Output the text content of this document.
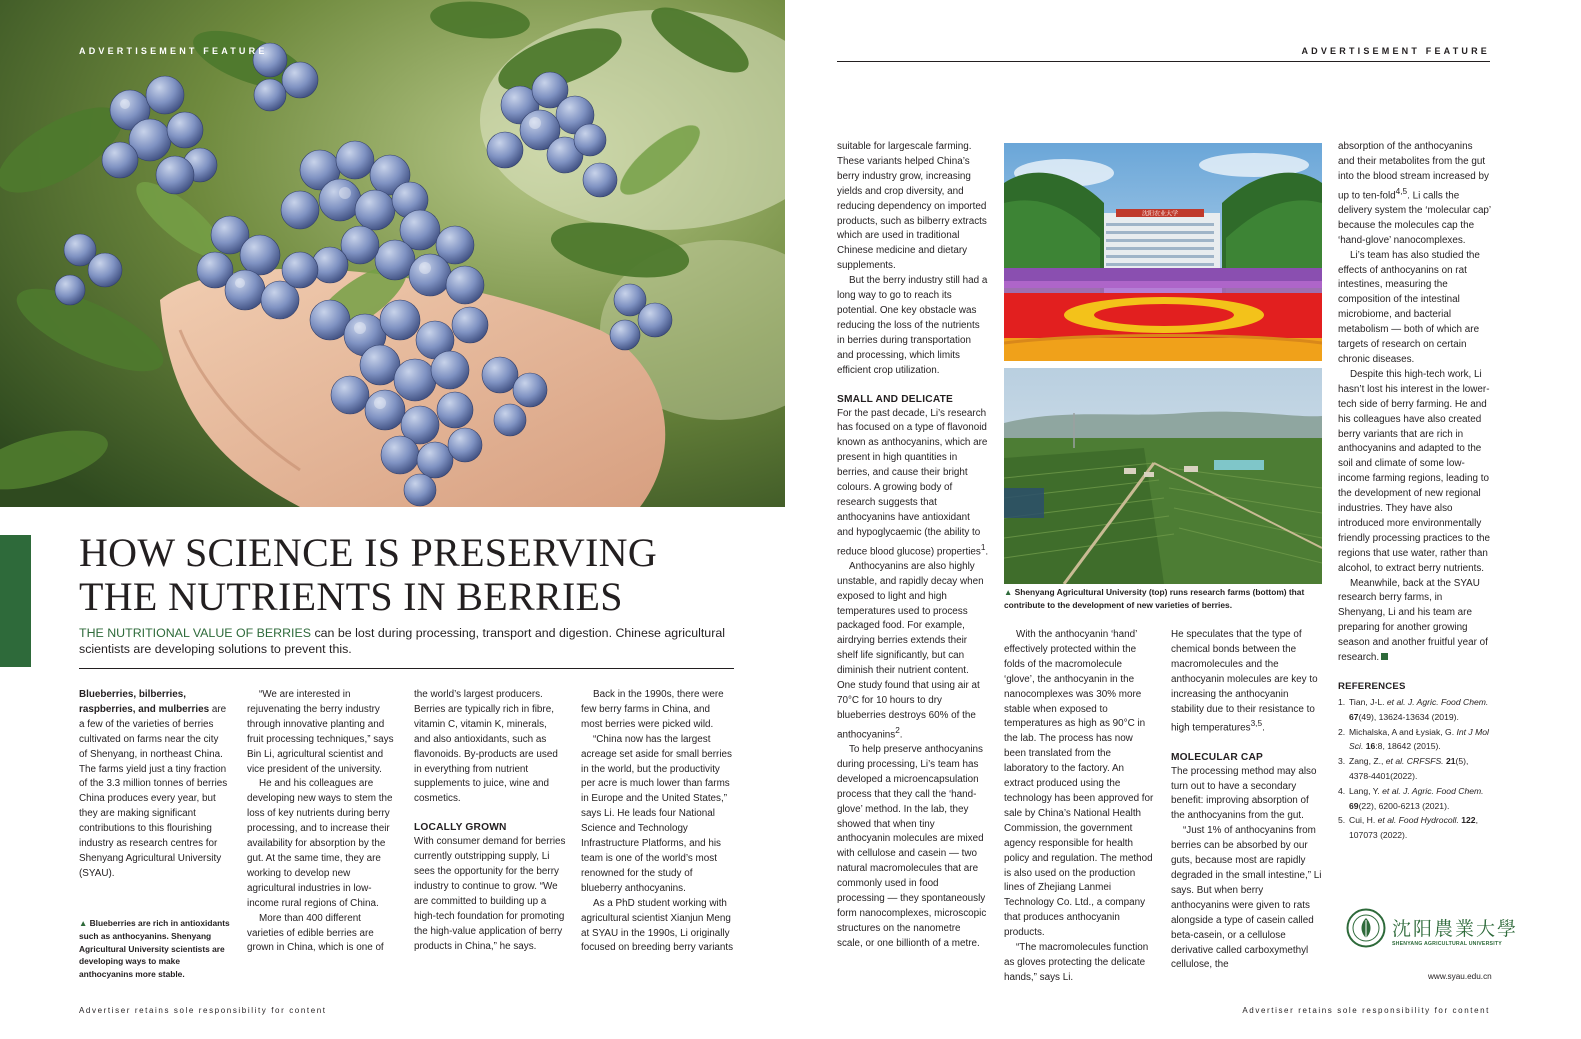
ADVERTISEMENT FEATURE
HOW SCIENCE IS PRESERVING
THE NUTRIENTS IN BERRIES

THE NUTRITIONAL VALUE OF BERRIES can be lost during processing, transport and digestion. Chinese agricultural scientists are developing solutions to prevent this.

Blueberries, bilberries, raspberries, and mulberries are a few of the varieties of berries cultivated on farms near the city of Shenyang, in northeast China. The farms yield just a tiny fraction of the 3.3 million tonnes of berries China produces every year, but they are making significant contributions to this flourishing industry as research centres for Shenyang Agricultural University (SYAU).

▲ Blueberries are rich in antioxidants such as anthocyanins. Shenyang Agricultural University scientists are developing ways to make anthocyanins more stable.

“We are interested in rejuvenating the berry industry through innovative planting and fruit processing techniques,” says Bin Li, agricultural scientist and vice president of the university.

He and his colleagues are developing new ways to stem the loss of key nutrients during berry processing, and to increase their availability for absorption by the gut. At the same time, they are working to develop new agricultural industries in low-income rural regions of China.

More than 400 different varieties of edible berries are grown in China, which is one of

the world’s largest producers. Berries are typically rich in fibre, vitamin C, vitamin K, minerals, and also antioxidants, such as flavonoids. By-products are used in everything from nutrient supplements to juice, wine and cosmetics.

LOCALLY GROWN

With consumer demand for berries currently outstripping supply, Li sees the opportunity for the berry industry to continue to grow. “We are committed to building up a high-tech foundation for promoting the high-value application of berry products in China,” he says.

Back in the 1990s, there were few berry farms in China, and most berries were picked wild.

“China now has the largest acreage set aside for small berries in the world, but the productivity per acre is much lower than farms in Europe and the United States,” says Li. He leads four National Science and Technology Infrastructure Platforms, and his team is one of the world’s most renowned for the study of blueberry anthocyanins.

As a PhD student working with agricultural scientist Xianjun Meng at SYAU in the 1990s, Li originally focused on breeding berry variants

Advertiser retains sole responsibility for content
ADVERTISEMENT FEATURE

suitable for largescale farming. These variants helped China’s berry industry grow, increasing yields and crop diversity, and reducing dependency on imported products, such as bilberry extracts which are used in traditional Chinese medicine and dietary supplements.

But the berry industry still had a long way to go to reach its potential. One key obstacle was reducing the loss of the nutrients in berries during transportation and processing, which limits efficient crop utilization.

SMALL AND DELICATE

For the past decade, Li’s research has focused on a type of flavonoid known as anthocyanins, which are present in high quantities in berries, and cause their bright colours. A growing body of research suggests that anthocyanins have antioxidant and hypoglycaemic (the ability to reduce blood glucose) properties$^1$.

Anthocyanins are also highly unstable, and rapidly decay when exposed to light and high temperatures used to process packaged food. For example, airdrying berries extends their shelf life significantly, but can diminish their nutrient content. One study found that using air at 70°C for 10 hours to dry blueberries destroys 60% of the anthocyanins$^2$.

To help preserve anthocyanins during processing, Li’s team has developed a microencapsulation process that they call the ‘hand-glove’ method. In the lab, they showed that when tiny anthocyanin molecules are mixed with cellulose and casein — two natural macromolecules that are commonly used in food processing — they spontaneously form nanocomplexes, microscopic structures on the nanometre scale, or one billionth of a metre.

沈阳农业大学
▲ Shenyang Agricultural University (top) runs research farms (bottom) that contribute to the development of new varieties of berries.

With the anthocyanin ‘hand’ effectively protected within the folds of the macromolecule ‘glove’, the anthocyanin in the nanocomplexes was 30% more stable when exposed to temperatures as high as 90°C in the lab. The process has now been translated from the laboratory to the factory. An extract produced using the technology has been approved for sale by China’s National Health Commission, the government agency responsible for health policy and regulation. The method is also used on the production lines of Zhejiang Lanmei Technology Co. Ltd., a company that produces anthocyanin products.

“The macromolecules function as gloves protecting the delicate hands,” says Li.

He speculates that the type of chemical bonds between the macromolecules and the anthocyanin molecules are key to increasing the anthocyanin stability due to their resistance to high temperatures$^{3,5}$.

MOLECULAR CAP

The processing method may also turn out to have a secondary benefit: improving absorption of the anthocyanins from the gut.

“Just 1% of anthocyanins from berries can be absorbed by our guts, because most are rapidly degraded in the small intestine,” Li says. But when berry anthocyanins were given to rats alongside a type of casein called beta-casein, or a cellulose derivative called carboxymethyl cellulose, the

absorption of the anthocyanins and their metabolites from the gut into the blood stream increased by up to ten-fold$^{4,5}$. Li calls the delivery system the ‘molecular cap’ because the molecules cap the ‘hand-glove’ nanocomplexes.

Li’s team has also studied the effects of anthocyanins on rat intestines, measuring the composition of the intestinal microbiome, and bacterial metabolism — both of which are targets of research on certain chronic diseases.

Despite this high-tech work, Li hasn’t lost his interest in the lower-tech side of berry farming. He and his colleagues have also created berry variants that are rich in anthocyanins and adapted to the soil and climate of some low-income farming regions, leading to the development of new regional industries. They have also introduced more environmentally friendly processing practices to the regions that use water, rather than alcohol, to extract berry nutrients.

Meanwhile, back at the SYAU research berry farms, in Shenyang, Li and his team are preparing for another growing season and another fruitful year of research.

REFERENCES
1. Tian, J-L. et al. J. Agric. Food Chem. 67(49), 13624-13634 (2019).
2. Michalska, A and Łysiak, G. Int J Mol Sci. 16:8, 18642 (2015).
3. Zang, Z., et al. CRFSFS. 21(5), 4378-4401(2022).
4. Lang, Y. et al. J. Agric. Food Chem. 69(22), 6200-6213 (2021).
5. Cui, H. et al. Food Hydrocoll. 122, 107073 (2022).
沈阳農業大學
SHENYANG AGRICULTURAL UNIVERSITY
www.syau.edu.cn
Advertiser retains sole responsibility for content
